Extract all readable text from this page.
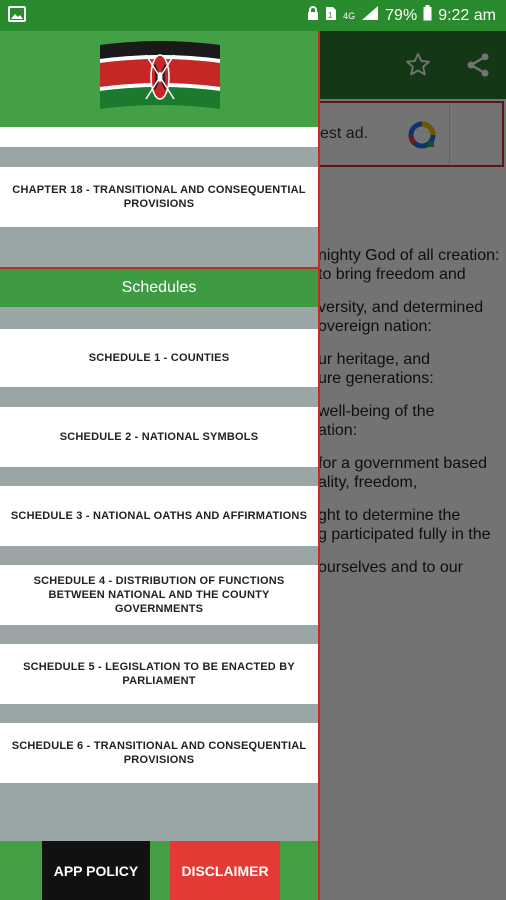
1 4G 79% 9:22 am
CHAPTER 18 - TRANSITIONAL AND CONSEQUENTIAL PROVISIONS
Schedules
SCHEDULE 1 - COUNTIES
SCHEDULE 2 - NATIONAL SYMBOLS
SCHEDULE 3 - NATIONAL OATHS AND AFFIRMATIONS
SCHEDULE 4 - DISTRIBUTION OF FUNCTIONS BETWEEN NATIONAL AND THE COUNTY GOVERNMENTS
SCHEDULE 5 - LEGISLATION TO BE ENACTED BY PARLIAMENT
SCHEDULE 6 - TRANSITIONAL AND CONSEQUENTIAL PROVISIONS
APP POLICY	DISCLAIMER
